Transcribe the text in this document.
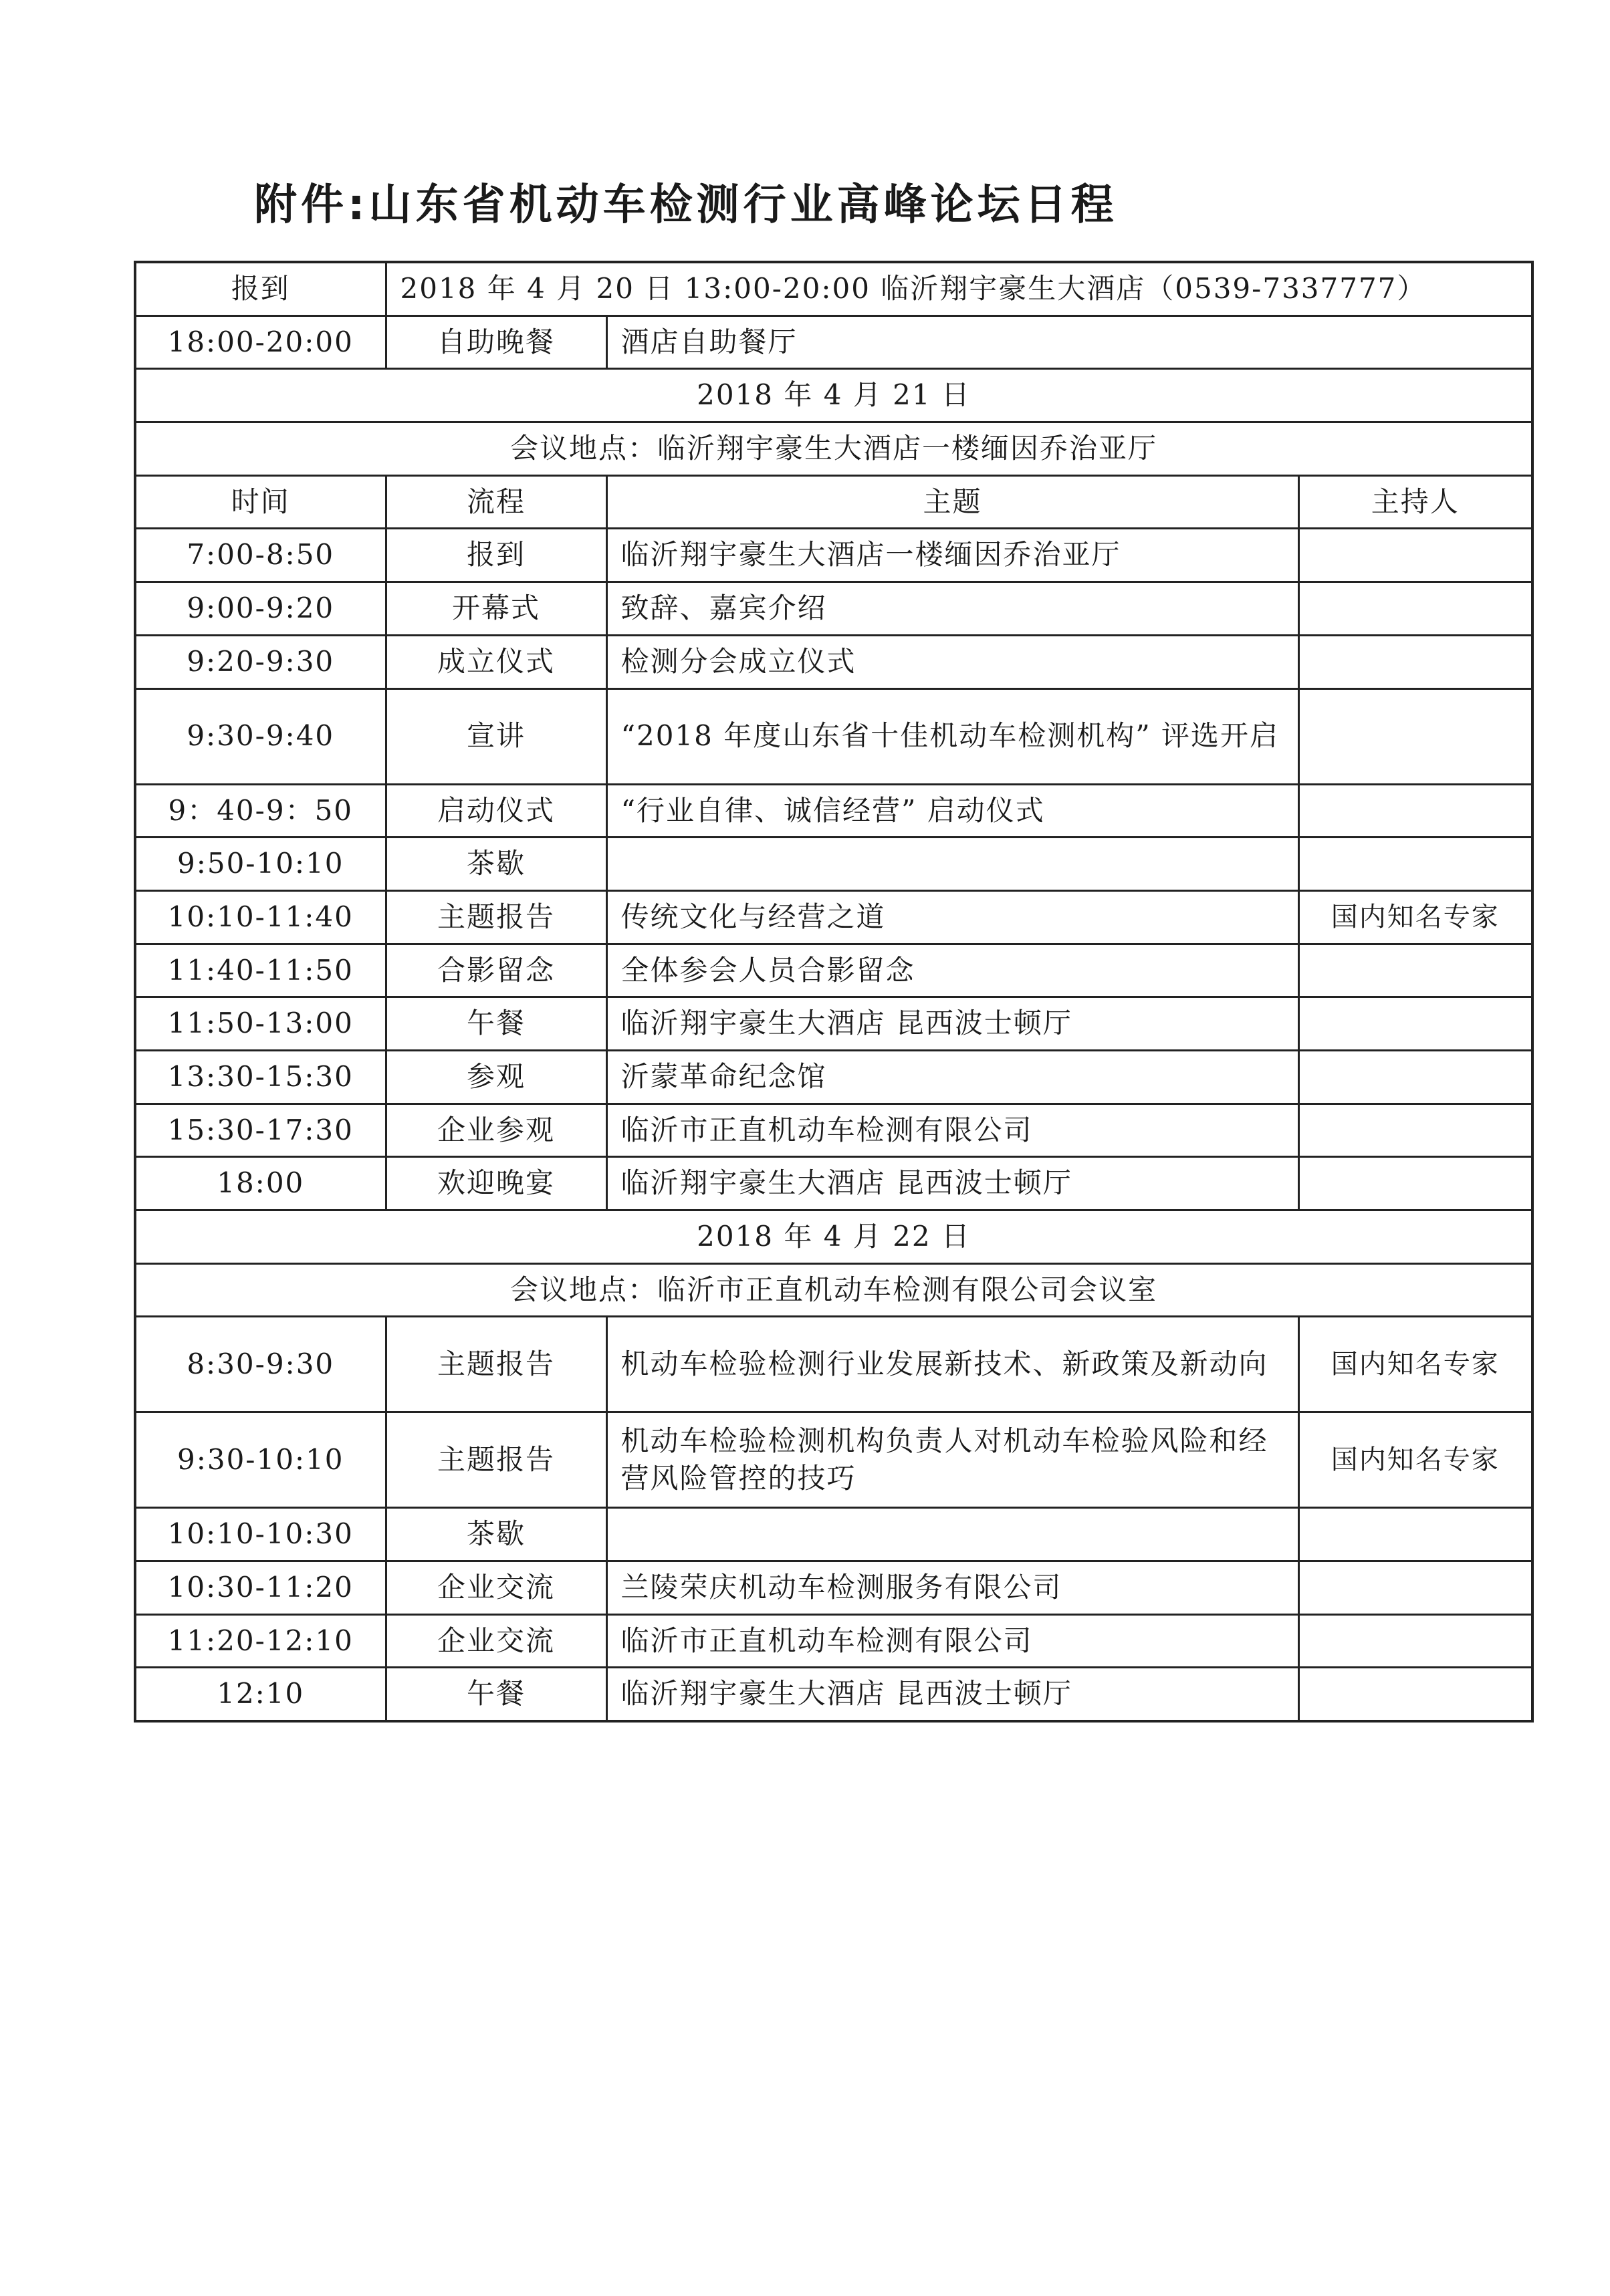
附件:山东省机动车检测行业高峰论坛日程
报到	2018 年 4 月 20 日 13:00-20:00 临沂翔宇豪生大酒店（0539-7337777）		
18:00-20:00	自助晚餐	酒店自助餐厅	
2018 年 4 月 21 日			
会议地点：临沂翔宇豪生大酒店一楼缅因乔治亚厅			
时间	流程	主题	主持人
7:00-8:50	报到	临沂翔宇豪生大酒店一楼缅因乔治亚厅	
9:00-9:20	开幕式	致辞、嘉宾介绍	
9:20-9:30	成立仪式	检测分会成立仪式	
9:30-9:40	宣讲	“2018 年度山东省十佳机动车检测机构” 评选开启	
9：40-9：50	启动仪式	“行业自律、诚信经营” 启动仪式	
9:50-10:10	茶歇		
10:10-11:40	主题报告	传统文化与经营之道	国内知名专家
11:40-11:50	合影留念	全体参会人员合影留念	
11:50-13:00	午餐	临沂翔宇豪生大酒店 昆西波士顿厅	
13:30-15:30	参观	沂蒙革命纪念馆	
15:30-17:30	企业参观	临沂市正直机动车检测有限公司	
18:00	欢迎晚宴	临沂翔宇豪生大酒店 昆西波士顿厅	
2018 年 4 月 22 日			
会议地点：临沂市正直机动车检测有限公司会议室			
8:30-9:30	主题报告	机动车检验检测行业发展新技术、新政策及新动向	国内知名专家
9:30-10:10	主题报告	机动车检验检测机构负责人对机动车检验风险和经营风险管控的技巧	国内知名专家
10:10-10:30	茶歇		
10:30-11:20	企业交流	兰陵荣庆机动车检测服务有限公司	
11:20-12:10	企业交流	临沂市正直机动车检测有限公司	
12:10	午餐	临沂翔宇豪生大酒店 昆西波士顿厅	
